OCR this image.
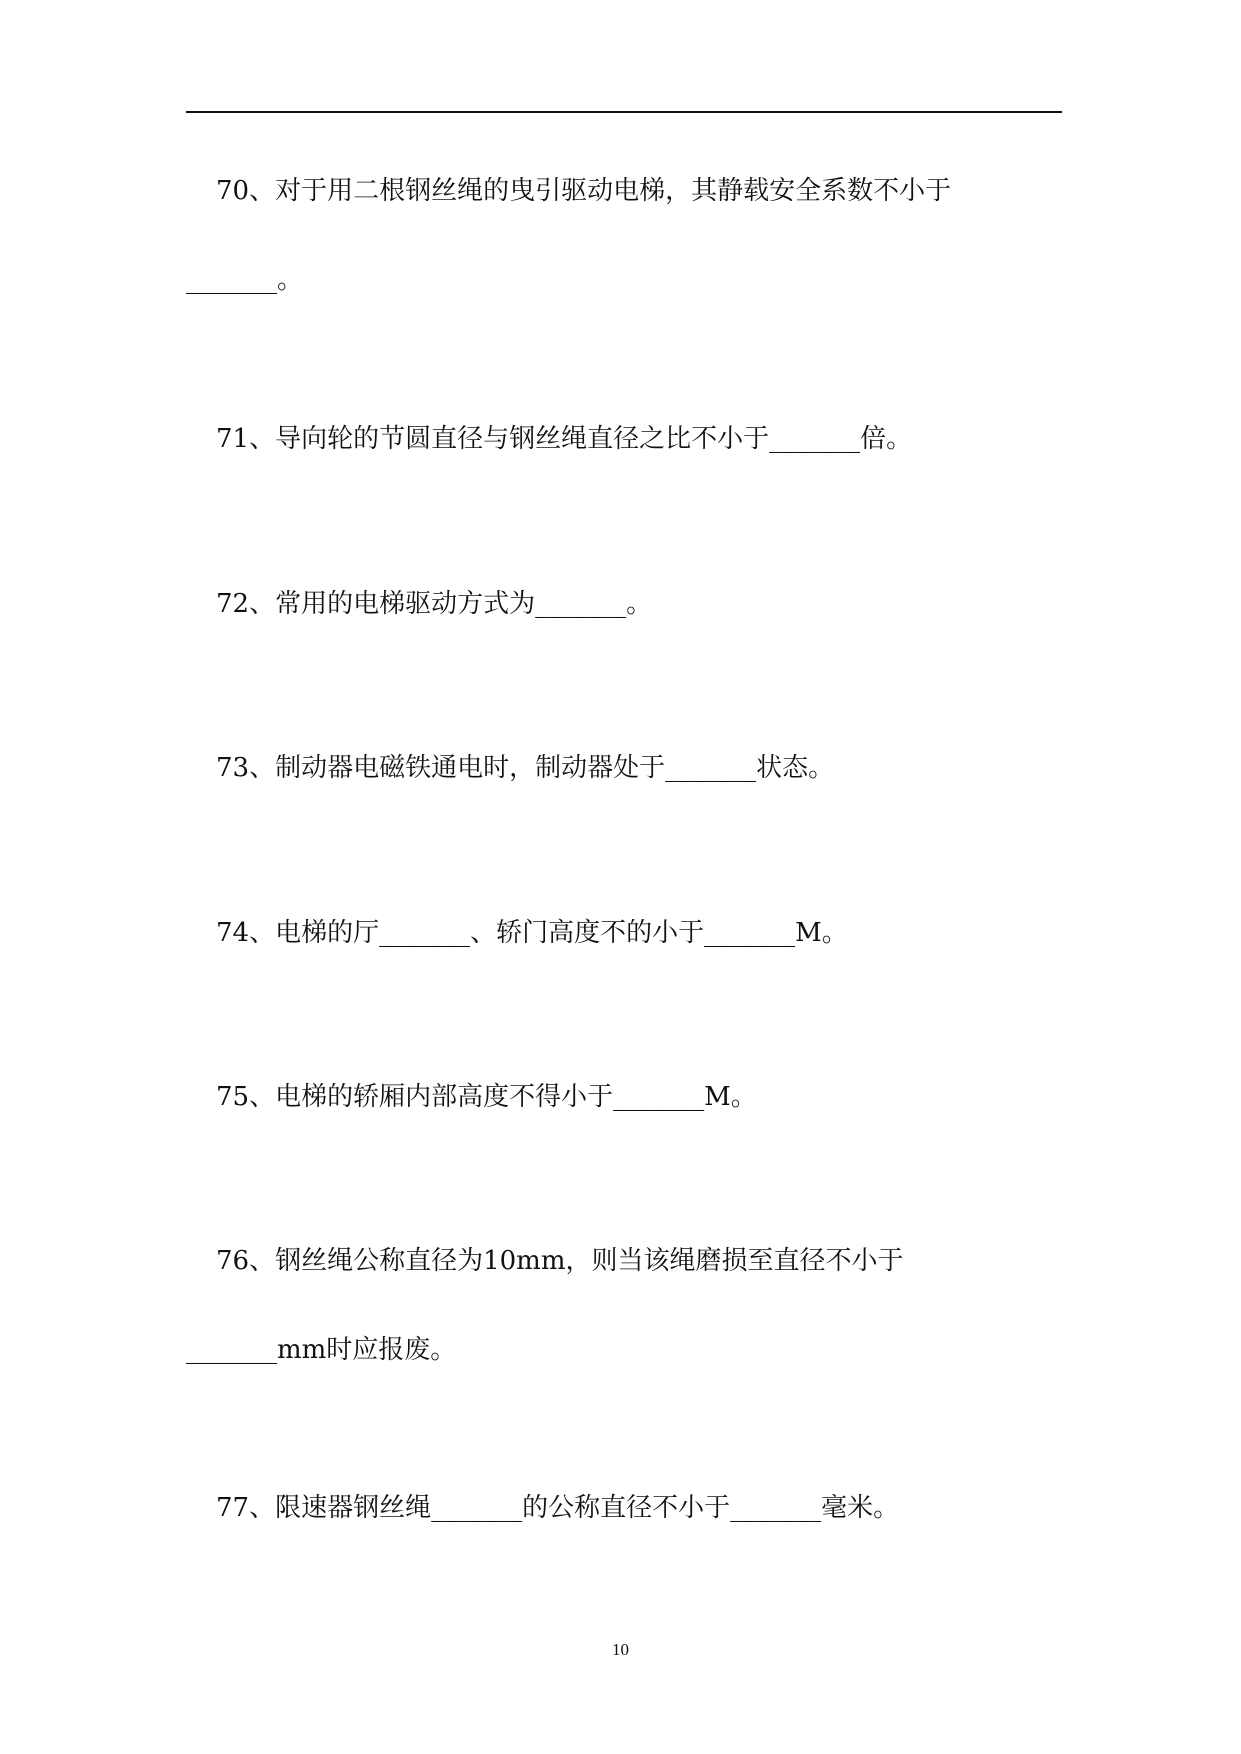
70、对于用二根钢丝绳的曳引驱动电梯，其静载安全系数不小于
_______。
71、导向轮的节圆直径与钢丝绳直径之比不小于_______倍。
72、常用的电梯驱动方式为_______。
73、制动器电磁铁通电时，制动器处于_______状态。
74、电梯的厅_______、轿门高度不的小于_______M。
75、电梯的轿厢内部高度不得小于_______M。
76、钢丝绳公称直径为10mm，则当该绳磨损至直径不小于
_______mm时应报废。
77、限速器钢丝绳_______的公称直径不小于_______毫米。
10
